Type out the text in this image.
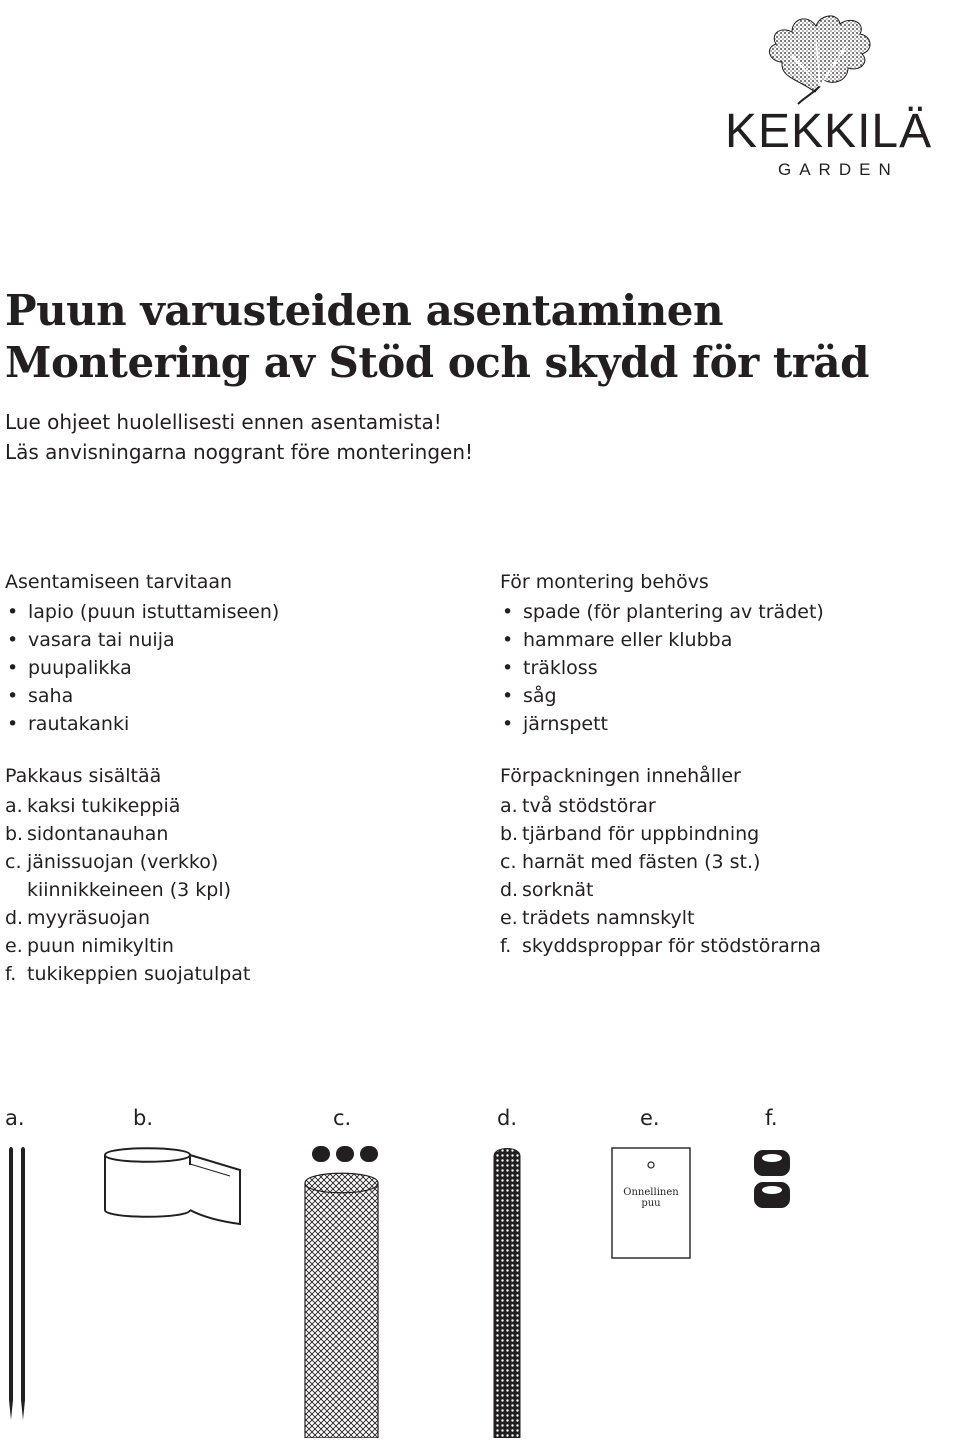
KEKKILÄ
GARDEN
Puun varusteiden asentaminen
Montering av Stöd och skydd för träd
Lue ohjeet huolellisesti ennen asentamista!
Läs anvisningarna noggrant före monteringen!
Asentamiseen tarvitaan
• lapio (puun istuttamiseen)
• vasara tai nuija
• puupalikka
• saha
• rautakanki
Pakkaus sisältää
a. kaksi tukikeppiä
b. sidontanauhan
c. jänissuojan (verkko)
kiinnikkeineen (3 kpl)
d. myyräsuojan
e. puun nimikyltin
f. tukikeppien suojatulpat
För montering behövs
• spade (för plantering av trädet)
• hammare eller klubba
• träkloss
• såg
• järnspett
Förpackningen innehåller
a. två stödstörar
b. tjärband för uppbindning
c. harnät med fästen (3 st.)
d. sorknät
e. trädets namnskylt
f. skyddsproppar för stödstörarna
a.	b.	c.	d.	e.	f.
Onnellinen
puu
